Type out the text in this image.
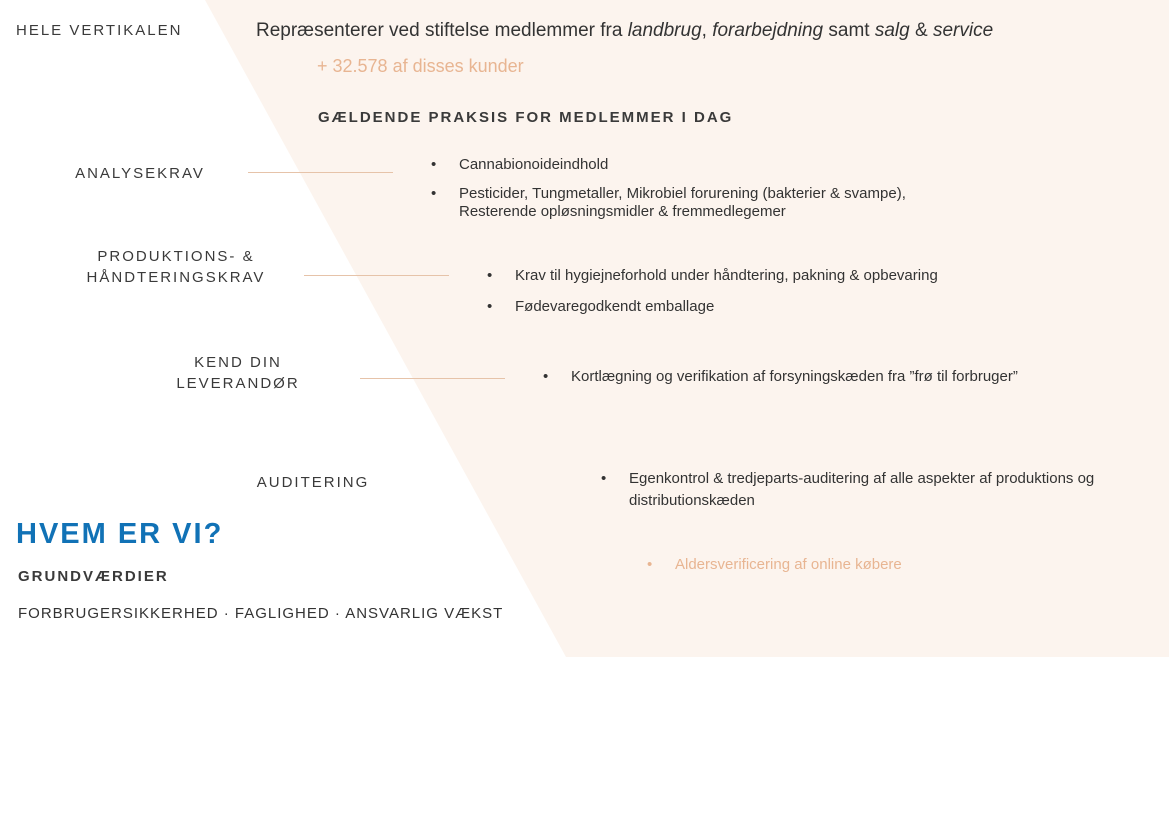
HELE VERTIKALEN	Repræsenterer ved stiftelse medlemmer fra landbrug, forarbejdning samt salg & service
+ 32.578 af disses kunder
GÆLDENDE PRAKSIS FOR MEDLEMMER I DAG
ANALYSEKRAV
• Cannabionoideindhold
• Pesticider, Tungmetaller, Mikrobiel forurening (bakterier & svampe), Resterende opløsningsmidler & fremmedlegemer
PRODUKTIONS- &
HÅNDTERINGSKRAV	• Krav til hygiejneforhold under håndtering, pakning & opbevaring
• Fødevaregodkendt emballage
KEND DIN
LEVERANDØR	• Kortlægning og verifikation af forsyningskæden fra ”frø til forbruger”
AUDITERING	• Egenkontrol & tredjeparts-auditering af alle aspekter af produktions og distributionskæden
• Aldersverificering af online købere
HVEM ER VI?
GRUNDVÆRDIER
FORBRUGERSIKKERHED · FAGLIGHED · ANSVARLIG VÆKST
